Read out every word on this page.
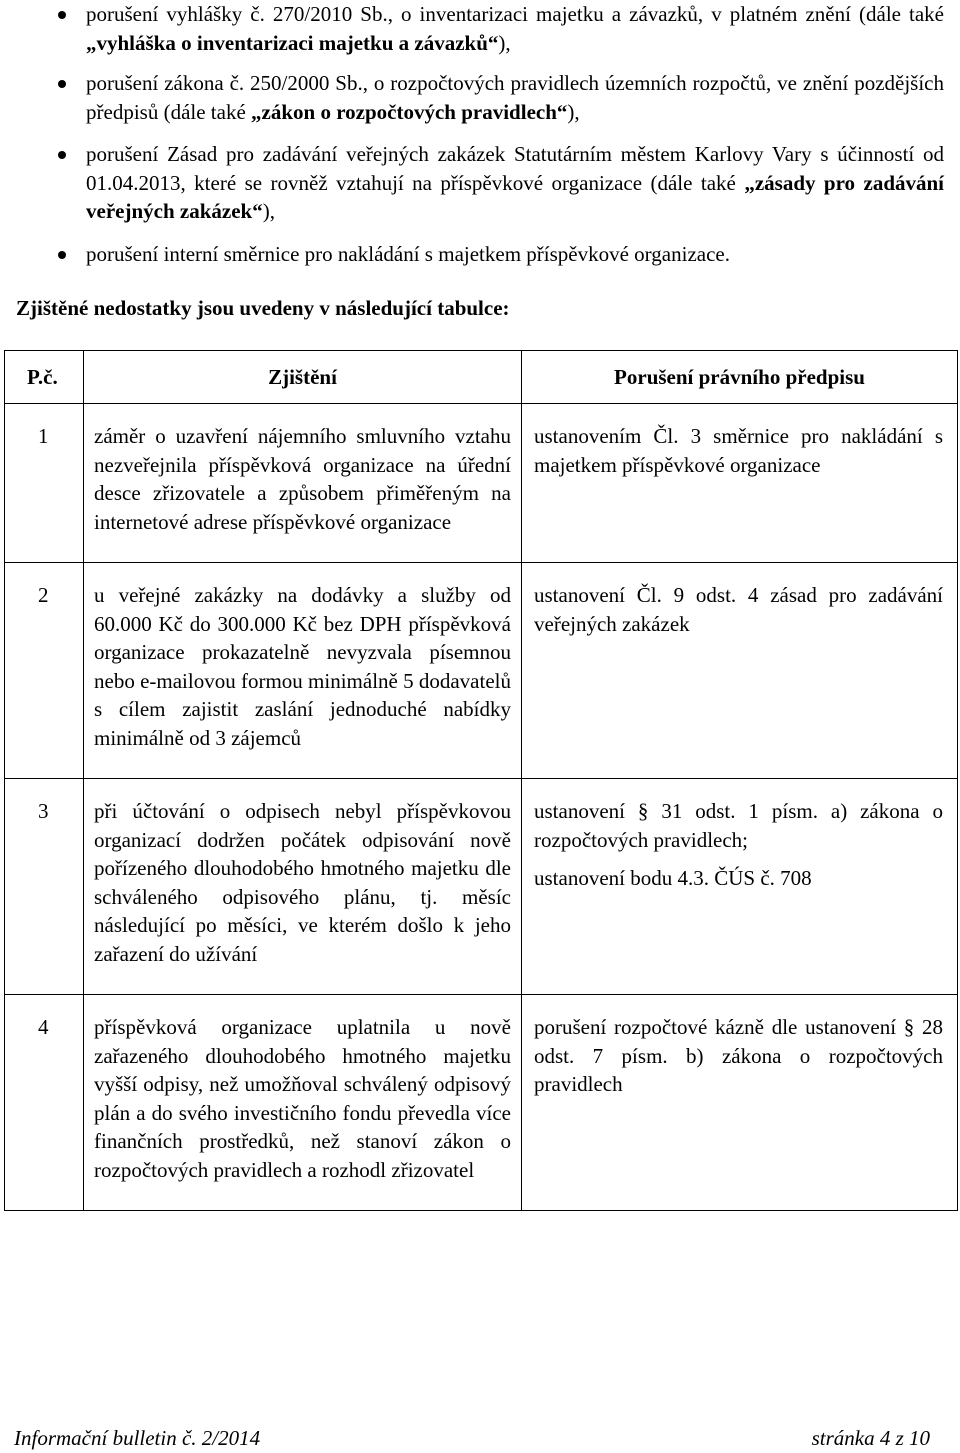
porušení vyhlášky č. 270/2010 Sb., o inventarizaci majetku a závazků, v platném znění (dále také „vyhláška o inventarizaci majetku a závazků“),

porušení zákona č. 250/2000 Sb., o rozpočtových pravidlech územních rozpočtů, ve znění pozdějších předpisů (dále také „zákon o rozpočtových pravidlech“),

porušení Zásad pro zadávání veřejných zakázek Statutárním městem Karlovy Vary s účinností od 01.04.2013, které se rovněž vztahují na příspěvkové organizace (dále také „zásady pro zadávání veřejných zakázek“),

porušení interní směrnice pro nakládání s majetkem příspěvkové organizace.

Zjištěné nedostatky jsou uvedeny v následující tabulce:

P.č.	Zjištění	Porušení právního předpisu
1	záměr o uzavření nájemního smluvního vztahu nezveřejnila příspěvková organizace na úřední desce zřizovatele a způsobem přiměřeným na internetové adrese příspěvkové organizace	ustanovením Čl. 3 směrnice pro nakládání s majetkem příspěvkové organizace

2	u veřejné zakázky na dodávky a služby od 60.000 Kč do 300.000 Kč bez DPH příspěvková organizace prokazatelně nevyzvala písemnou nebo e-mailovou formou minimálně 5 dodavatelů s cílem zajistit zaslání jednoduché nabídky minimálně od 3 zájemců	ustanovení Čl. 9 odst. 4 zásad pro zadávání veřejných zakázek

3	při účtování o odpisech nebyl příspěvkovou organizací dodržen počátek odpisování nově pořízeného dlouhodobého hmotného majetku dle schváleného odpisového plánu, tj. měsíc následující po měsíci, ve kterém došlo k jeho zařazení do užívání	ustanovení § 31 odst. 1 písm. a) zákona o rozpočtových pravidlech;

ustanovení bodu 4.3. ČÚS č. 708

4	příspěvková organizace uplatnila u nově zařazeného dlouhodobého hmotného majetku vyšší odpisy, než umožňoval schválený odpisový plán a do svého investičního fondu převedla více finančních prostředků, než stanoví zákon o rozpočtových pravidlech a rozhodl zřizovatel	porušení rozpočtové kázně dle ustanovení § 28 odst. 7 písm. b) zákona o rozpočtových pravidlech

Informační bulletin č. 2/2014	stránka 4 z 10
